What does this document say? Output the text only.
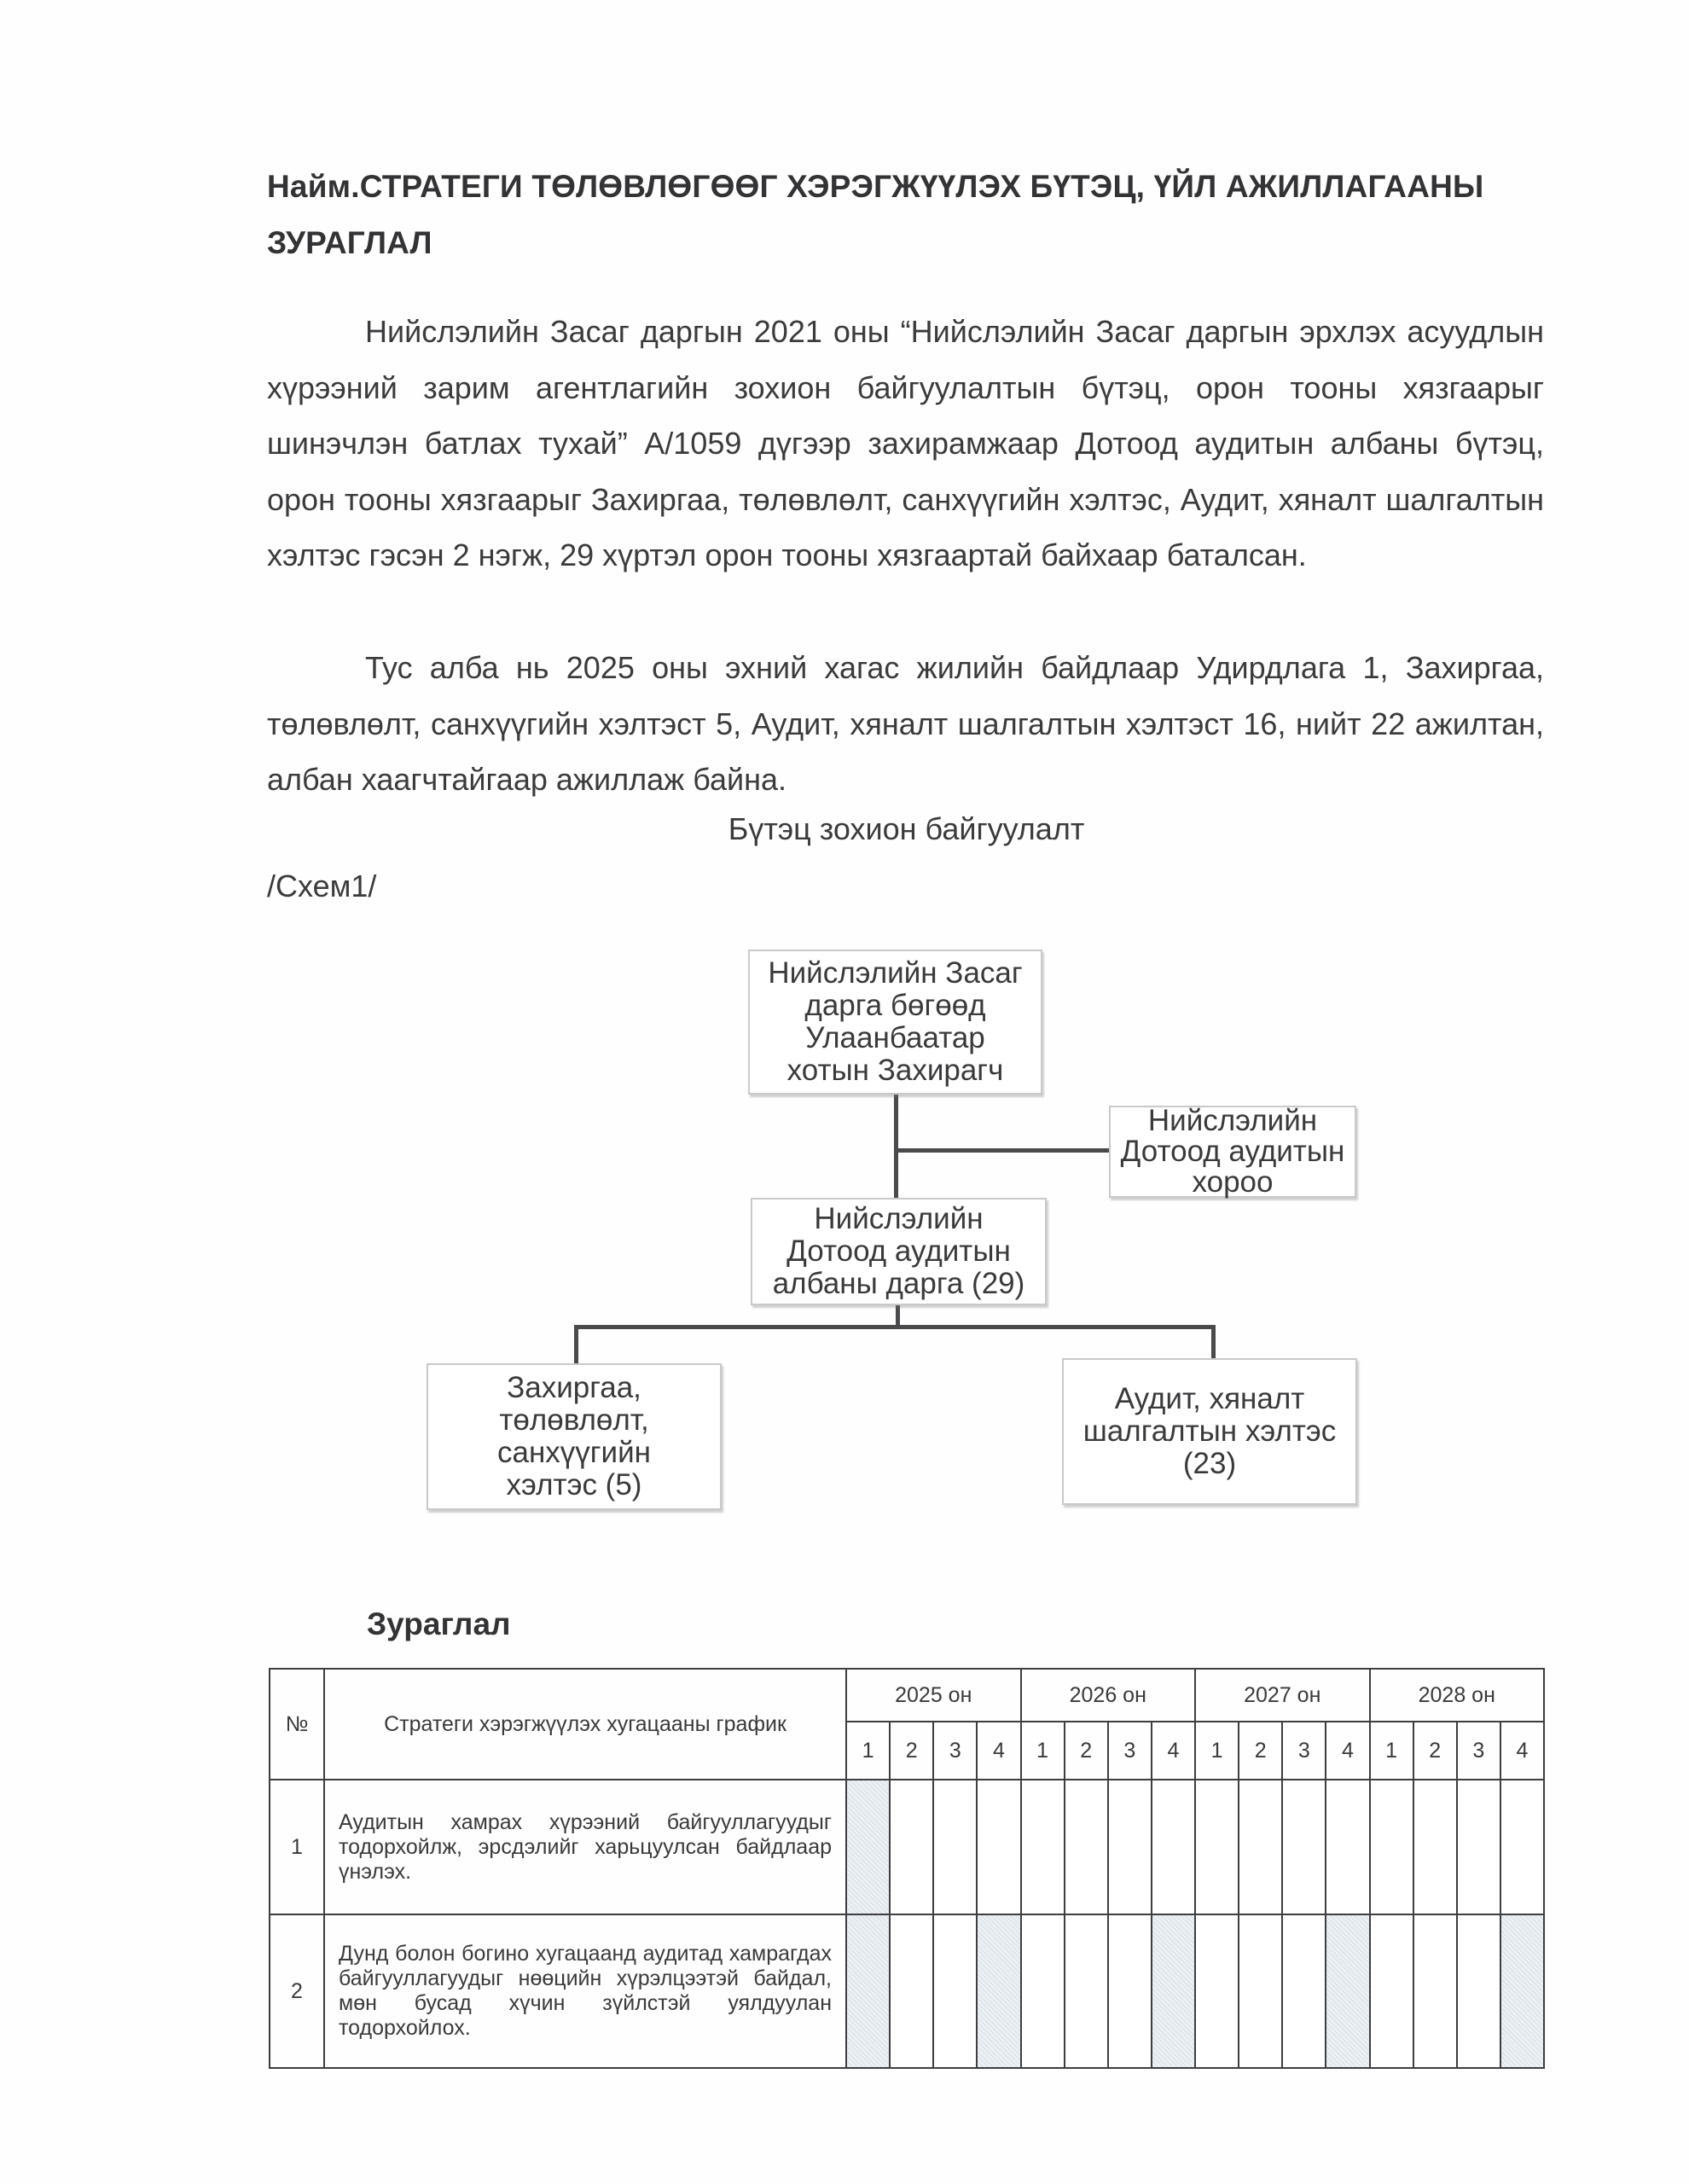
Найм.СТРАТЕГИ ТӨЛӨВЛӨГӨӨГ ХЭРЭГЖҮҮЛЭХ БҮТЭЦ, ҮЙЛ АЖИЛЛАГААНЫ
ЗУРАГЛАЛ
Нийслэлийн Засаг даргын 2021 оны “Нийслэлийн Засаг даргын эрхлэх асуудлын хүрээний зарим агентлагийн зохион байгуулалтын бүтэц, орон тооны хязгаарыг шинэчлэн батлах тухай” А/1059 дүгээр захирамжаар Дотоод аудитын албаны бүтэц, орон тооны хязгаарыг Захиргаа, төлөвлөлт, санхүүгийн хэлтэс, Аудит, хяналт шалгалтын хэлтэс гэсэн 2 нэгж, 29 хүртэл орон тооны хязгаартай байхаар баталсан.
Тус алба нь 2025 оны эхний хагас жилийн байдлаар Удирдлага 1, Захиргаа, төлөвлөлт, санхүүгийн хэлтэст 5, Аудит, хяналт шалгалтын хэлтэст 16, нийт 22 ажилтан, албан хаагчтайгаар ажиллаж байна.
Бүтэц зохион байгуулалт
/Схем1/
Нийслэлийн Засаг дарга бөгөөд Улаанбаатар хотын Захирагч
Нийслэлийн Дотоод аудитын хороо
Нийслэлийн Дотоод аудитын албаны дарга (29)
Захиргаа, төлөвлөлт, санхүүгийн хэлтэс (5)
Аудит, хяналт шалгалтын хэлтэс (23)
Зураглал
№	Стратеги хэрэгжүүлэх хугацааны график	2025 он				2026 он				2027 он				2028 он			
		1	2	3	4	1	2	3	4	1	2	3	4	1	2	3	4
1	Аудитын хамрах хүрээний байгууллагуудыг тодорхойлж, эрсдэлийг харьцуулсан байдлаар үнэлэх.																
2	Дунд болон богино хугацаанд аудитад хамрагдах байгууллагуудыг нөөцийн хүрэлцээтэй байдал, мөн бусад хүчин зүйлстэй уялдуулан тодорхойлох.																
